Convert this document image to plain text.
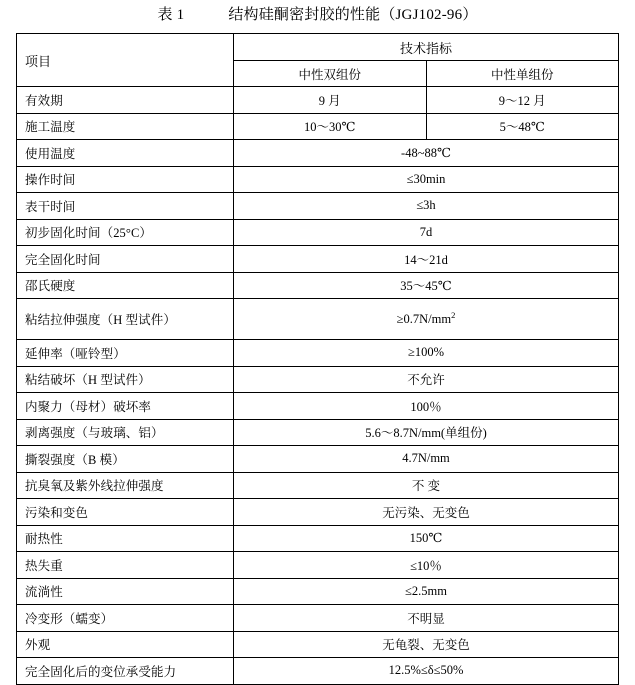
表 1	结构硅酮密封胶的性能（JGJ102-96）
项目	技术指标	
	中性双组份	中性单组份
有效期	9 月	9～12 月
施工温度	10～30℃	5～48℃
使用温度	-48~88℃	
操作时间	≤30min	
表干时间	≤3h	
初步固化时间（25°C）	7d	
完全固化时间	14～21d	
邵氏硬度	35～45℃	
粘结拉伸强度（H 型试件）	$\ge 0.7N/mm^2$
延伸率（哑铃型）	≥100%	
粘结破坏（H 型试件）	不允许	
内聚力（母材）破坏率	100％	
剥离强度（与玻璃、铝）	5.6～8.7N/mm(单组份)	
撕裂强度（B 模）	4.7N/mm	
抗臭氧及紫外线拉伸强度	不 变	
污染和变色	无污染、无变色	
耐热性	150℃	
热失重	≤10％	
流淌性	≤2.5mm	
冷变形（蠕变）	不明显	
外观	无龟裂、无变色	
完全固化后的变位承受能力	12.5%≤δ≤50%	
